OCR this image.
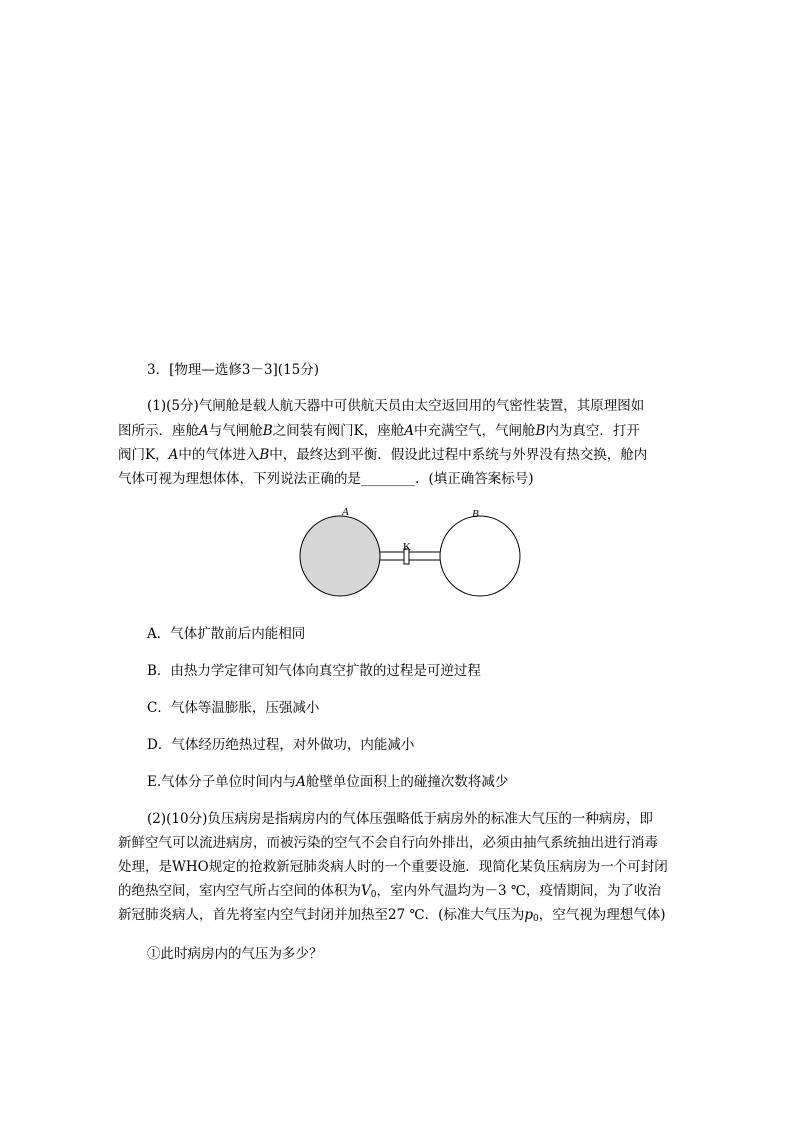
3．[物理—选修3－3](15分)
(1)(5分)气闸舱是载人航天器中可供航天员由太空返回用的气密性装置，其原理图如
图所示．座舱A与气闸舱B之间装有阀门K，座舱A中充满空气，气闸舱B内为真空．打开
阀门K，A中的气体进入B中，最终达到平衡．假设此过程中系统与外界没有热交换，舱内
气体可视为理想体体，下列说法正确的是________．(填正确答案标号)
A	B
K
A．气体扩散前后内能相同
B．由热力学定律可知气体向真空扩散的过程是可逆过程
C．气体等温膨胀，压强减小
D．气体经历绝热过程，对外做功，内能减小
E.气体分子单位时间内与A舱壁单位面积上的碰撞次数将减少
(2)(10分)负压病房是指病房内的气体压强略低于病房外的标准大气压的一种病房，即
新鲜空气可以流进病房，而被污染的空气不会自行向外排出，必须由抽气系统抽出进行消毒
处理，是WHO规定的抢救新冠肺炎病人时的一个重要设施．现简化某负压病房为一个可封闭
的绝热空间，室内空气所占空间的体积为$V_0$，室内外气温均为－3 ℃，疫情期间，为了收治
新冠肺炎病人，首先将室内空气封闭并加热至27 ℃．(标准大气压为$p_0$，空气视为理想气体)
①此时病房内的气压为多少？
